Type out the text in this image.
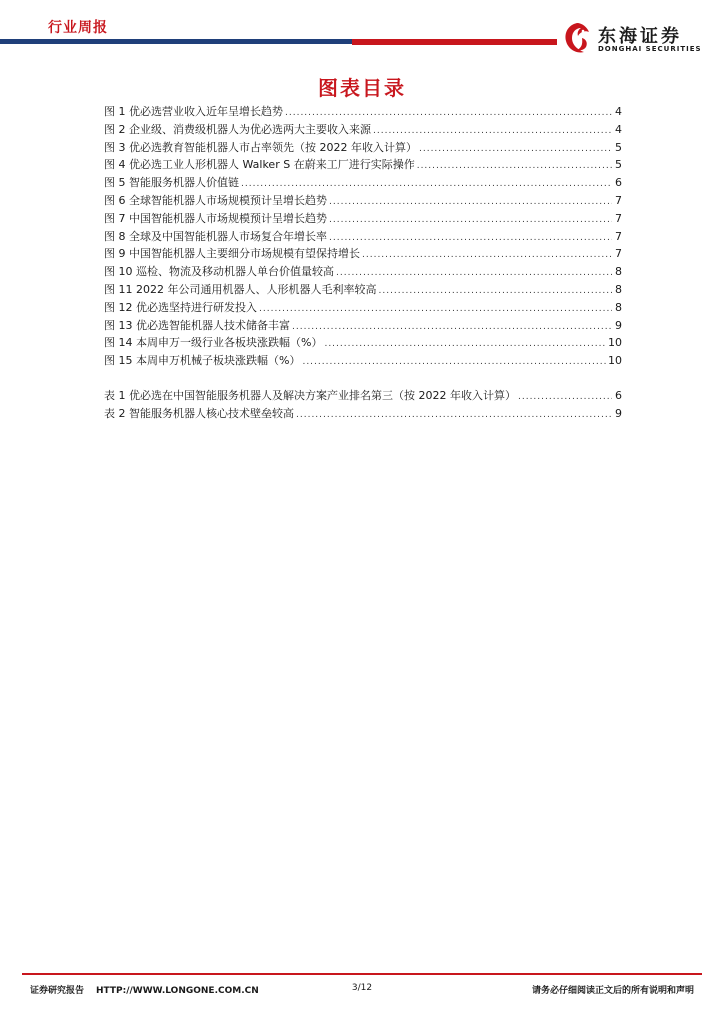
行业周报	东海证券
DONGHAI SECURITIES
图表目录
图 1 优必选营业收入近年呈增长趋势 .....	4
图 2 企业级、消费级机器人为优必选两大主要收入来源 .....	4
图 3 优必选教育智能机器人市占率领先（按 2022 年收入计算） .....	5
图 4 优必选工业人形机器人 Walker S 在蔚来工厂进行实际操作 .....	5
图 5 智能服务机器人价值链 .....	6
图 6 全球智能机器人市场规模预计呈增长趋势 .....	7
图 7 中国智能机器人市场规模预计呈增长趋势 .....	7
图 8 全球及中国智能机器人市场复合年增长率 .....	7
图 9 中国智能机器人主要细分市场规模有望保持增长 .....	7
图 10 巡检、物流及移动机器人单台价值量较高 .....	8
图 11 2022 年公司通用机器人、人形机器人毛利率较高 .....	8
图 12 优必选坚持进行研发投入 .....	8
图 13 优必选智能机器人技术储备丰富 .....	9
图 14 本周申万一级行业各板块涨跌幅（%） .....	10
图 15 本周申万机械子板块涨跌幅（%） .....	10
表 1 优必选在中国智能服务机器人及解决方案产业排名第三（按 2022 年收入计算） .....	6
表 2 智能服务机器人核心技术壁垒较高 .....	9
证券研究报告 HTTP://WWW.LONGONE.COM.CN	3/12	请务必仔细阅读正文后的所有说明和声明
